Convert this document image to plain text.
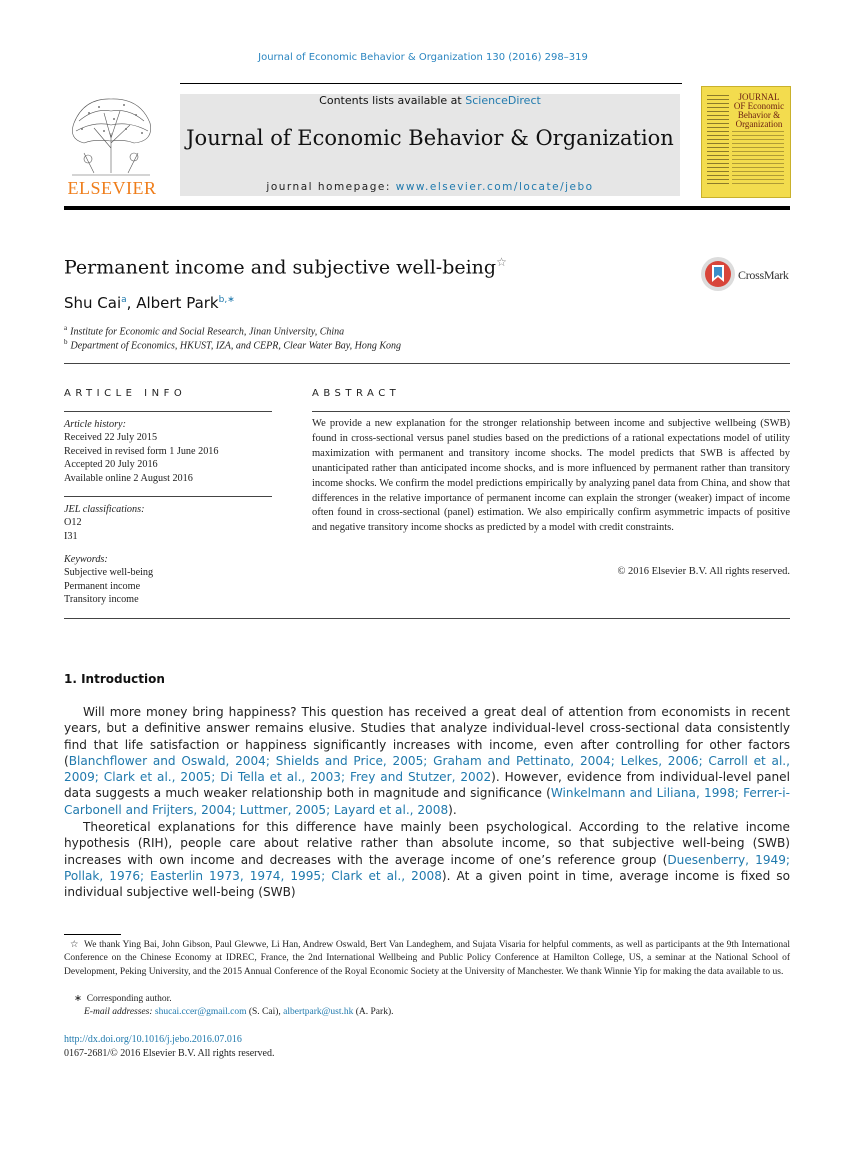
Journal of Economic Behavior & Organization 130 (2016) 298–319
ELSEVIER
Contents lists available at ScienceDirect
Journal of Economic Behavior & Organization
journal homepage: www.elsevier.com/locate/jebo
JOURNAL OF Economic Behavior & Organization
Permanent income and subjective well-being☆
CrossMark
Shu Cai$^a$, Albert Park$^{b,∗}$
$^a$ Institute for Economic and Social Research, Jinan University, China
$^b$ Department of Economics, HKUST, IZA, and CEPR, Clear Water Bay, Hong Kong
ARTICLE INFO
Article history:
Received 22 July 2015
Received in revised form 1 June 2016
Accepted 20 July 2016
Available online 2 August 2016
JEL classifications:
O12
I31
Keywords:
Subjective well-being
Permanent income
Transitory income
ABSTRACT
We provide a new explanation for the stronger relationship between income and subjective wellbeing (SWB) found in cross-sectional versus panel studies based on the predictions of a rational expectations model of utility maximization with permanent and transitory income shocks. The model predicts that SWB is affected by unanticipated rather than anticipated income shocks, and is more influenced by permanent rather than transitory income shocks. We confirm the model predictions empirically by analyzing panel data from China, and show that differences in the relative importance of permanent income can explain the stronger (weaker) impact of income often found in cross-sectional (panel) estimation. We also empirically confirm asymmetric impacts of positive and negative transitory income shocks as predicted by a model with credit constraints.
© 2016 Elsevier B.V. All rights reserved.
1. Introduction
Will more money bring happiness? This question has received a great deal of attention from economists in recent years, but a definitive answer remains elusive. Studies that analyze individual-level cross-sectional data consistently find that life satisfaction or happiness significantly increases with income, even after controlling for other factors (Blanchflower and Oswald, 2004; Shields and Price, 2005; Graham and Pettinato, 2004; Lelkes, 2006; Carroll et al., 2009; Clark et al., 2005; Di Tella et al., 2003; Frey and Stutzer, 2002). However, evidence from individual-level panel data suggests a much weaker relationship both in magnitude and significance (Winkelmann and Liliana, 1998; Ferrer-i-Carbonell and Frijters, 2004; Luttmer, 2005; Layard et al., 2008).
Theoretical explanations for this difference have mainly been psychological. According to the relative income hypothesis (RIH), people care about relative rather than absolute income, so that subjective well-being (SWB) increases with own income and decreases with the average income of one’s reference group (Duesenberry, 1949; Pollak, 1976; Easterlin 1973, 1974, 1995; Clark et al., 2008). At a given point in time, average income is fixed so individual subjective well-being (SWB)
☆ We thank Ying Bai, John Gibson, Paul Glewwe, Li Han, Andrew Oswald, Bert Van Landeghem, and Sujata Visaria for helpful comments, as well as participants at the 9th International Conference on the Chinese Economy at IDREC, France, the 2nd International Wellbeing and Public Policy Conference at Hamilton College, US, a seminar at the National School of Development, Peking University, and the 2015 Annual Conference of the Royal Economic Society at the University of Manchester. We thank Winnie Yip for making the data available to us.
∗ Corresponding author.
E-mail addresses: shucai.ccer@gmail.com (S. Cai), albertpark@ust.hk (A. Park).
http://dx.doi.org/10.1016/j.jebo.2016.07.016
0167-2681/© 2016 Elsevier B.V. All rights reserved.
